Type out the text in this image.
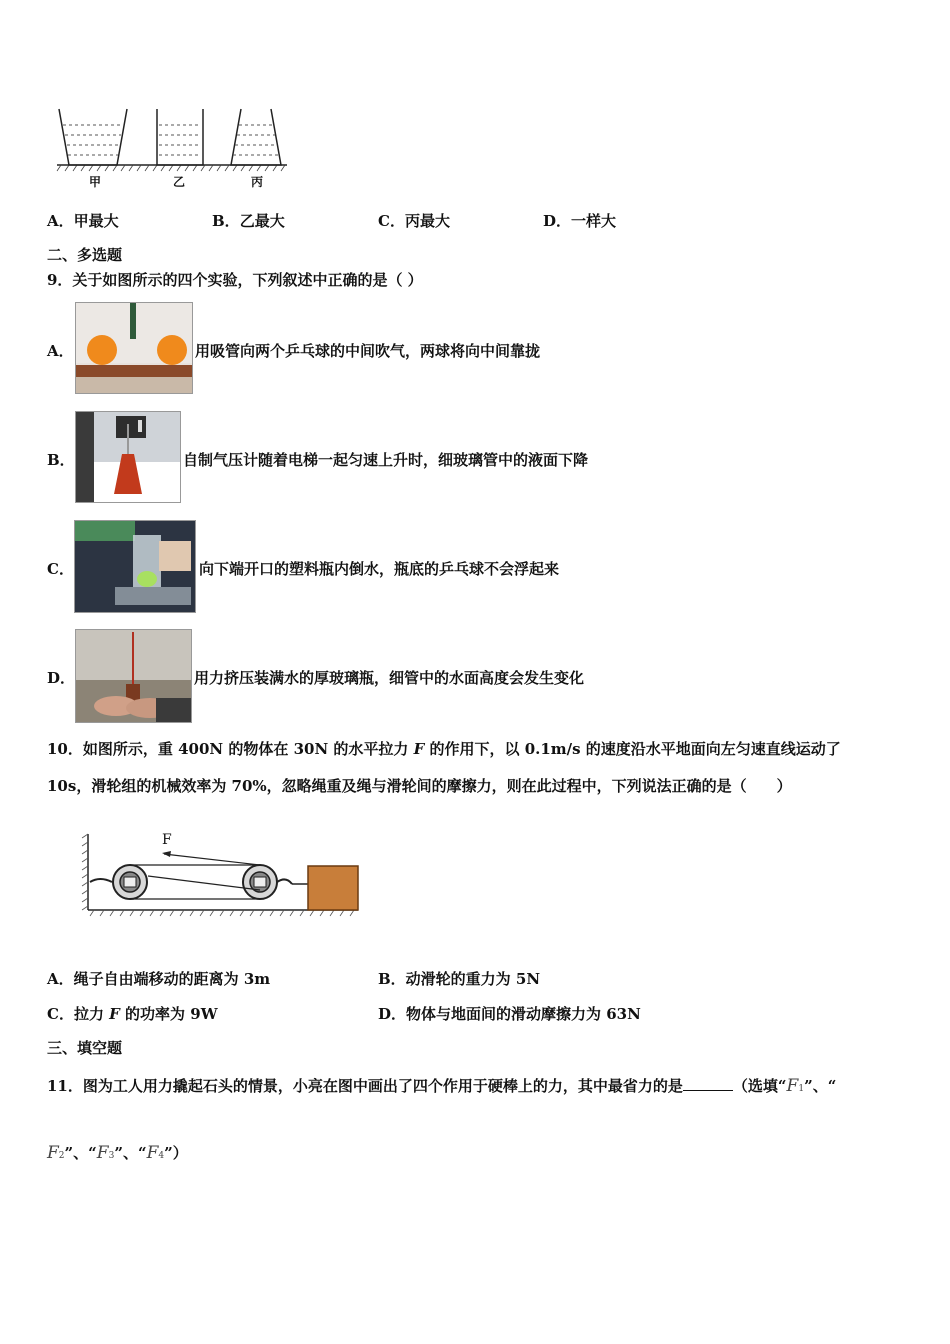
甲	乙	丙
A．甲最大	B．乙最大	C．丙最大	D．一样大
二、多选题
9．关于如图所示的四个实验，下列叙述中正确的是（ ）
A．	用吸管向两个乒乓球的中间吹气，两球将向中间靠拢
B．	自制气压计随着电梯一起匀速上升时，细玻璃管中的液面下降
C．	向下端开口的塑料瓶内倒水，瓶底的乒乓球不会浮起来
D．	用力挤压装满水的厚玻璃瓶，细管中的水面高度会发生变化
10．如图所示，重 400N 的物体在 30N 的水平拉力 F 的作用下，以 0.1m/s 的速度沿水平地面向左匀速直线运动了
10s，滑轮组的机械效率为 70%，忽略绳重及绳与滑轮间的摩擦力，则在此过程中，下列说法正确的是（　　）
F
A．绳子自由端移动的距离为 3m	B．动滑轮的重力为 5N
C．拉力 F 的功率为 9W	D．物体与地面间的滑动摩擦力为 63N
三、填空题
11．图为工人用力撬起石头的情景，小亮在图中画出了四个作用于硬棒上的力，其中最省力的是	（选填“F1”、“
F2”、“F3”、“F4”）
